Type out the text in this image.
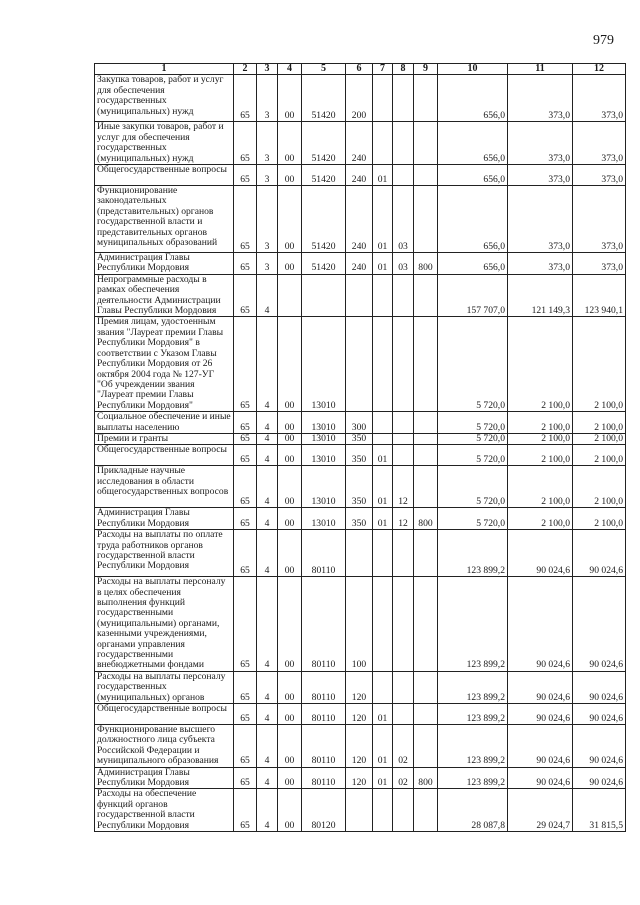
979
1	2	3	4	5	6	7	8	9	10	11	12
Закупка товаров, работ и услуг для обеспечения государственных (муниципальных) нужд	65	3	00	51420	200				656,0	373,0	373,0
Иные закупки товаров, работ и услуг для обеспечения государственных (муниципальных) нужд	65	3	00	51420	240				656,0	373,0	373,0
Общегосударственные вопросы	65	3	00	51420	240	01			656,0	373,0	373,0
Функционирование законодательных (представительных) органов государственной власти и представительных органов муниципальных образований	65	3	00	51420	240	01	03		656,0	373,0	373,0
Администрация Главы Республики Мордовия	65	3	00	51420	240	01	03	800	656,0	373,0	373,0
Непрограммные расходы в рамках обеспечения деятельности Администрации Главы Республики Мордовия	65	4							157 707,0	121 149,3	123 940,1
Премия лицам, удостоенным звания "Лауреат премии Главы Республики Мордовия" в соответствии с Указом Главы Республики Мордовия от 26 октября 2004 года № 127-УГ "Об учреждении звания "Лауреат премии Главы Республики Мордовия"	65	4	00	13010					5 720,0	2 100,0	2 100,0
Социальное обеспечение и иные выплаты населению	65	4	00	13010	300				5 720,0	2 100,0	2 100,0
Премии и гранты	65	4	00	13010	350				5 720,0	2 100,0	2 100,0
Общегосударственные вопросы	65	4	00	13010	350	01			5 720,0	2 100,0	2 100,0
Прикладные научные исследования в области общегосударственных вопросов	65	4	00	13010	350	01	12		5 720,0	2 100,0	2 100,0
Администрация Главы Республики Мордовия	65	4	00	13010	350	01	12	800	5 720,0	2 100,0	2 100,0
Расходы на выплаты по оплате труда работников органов государственной власти Республики Мордовия	65	4	00	80110					123 899,2	90 024,6	90 024,6
Расходы на выплаты персоналу в целях обеспечения выполнения функций государственными (муниципальными) органами, казенными учреждениями, органами управления государственными внебюджетными фондами	65	4	00	80110	100				123 899,2	90 024,6	90 024,6
Расходы на выплаты персоналу государственных (муниципальных) органов	65	4	00	80110	120				123 899,2	90 024,6	90 024,6
Общегосударственные вопросы	65	4	00	80110	120	01			123 899,2	90 024,6	90 024,6
Функционирование высшего должностного лица субъекта Российской Федерации и муниципального образования	65	4	00	80110	120	01	02		123 899,2	90 024,6	90 024,6
Администрация Главы Республики Мордовия	65	4	00	80110	120	01	02	800	123 899,2	90 024,6	90 024,6
Расходы на обеспечение функций органов государственной власти Республики Мордовия	65	4	00	80120					28 087,8	29 024,7	31 815,5
